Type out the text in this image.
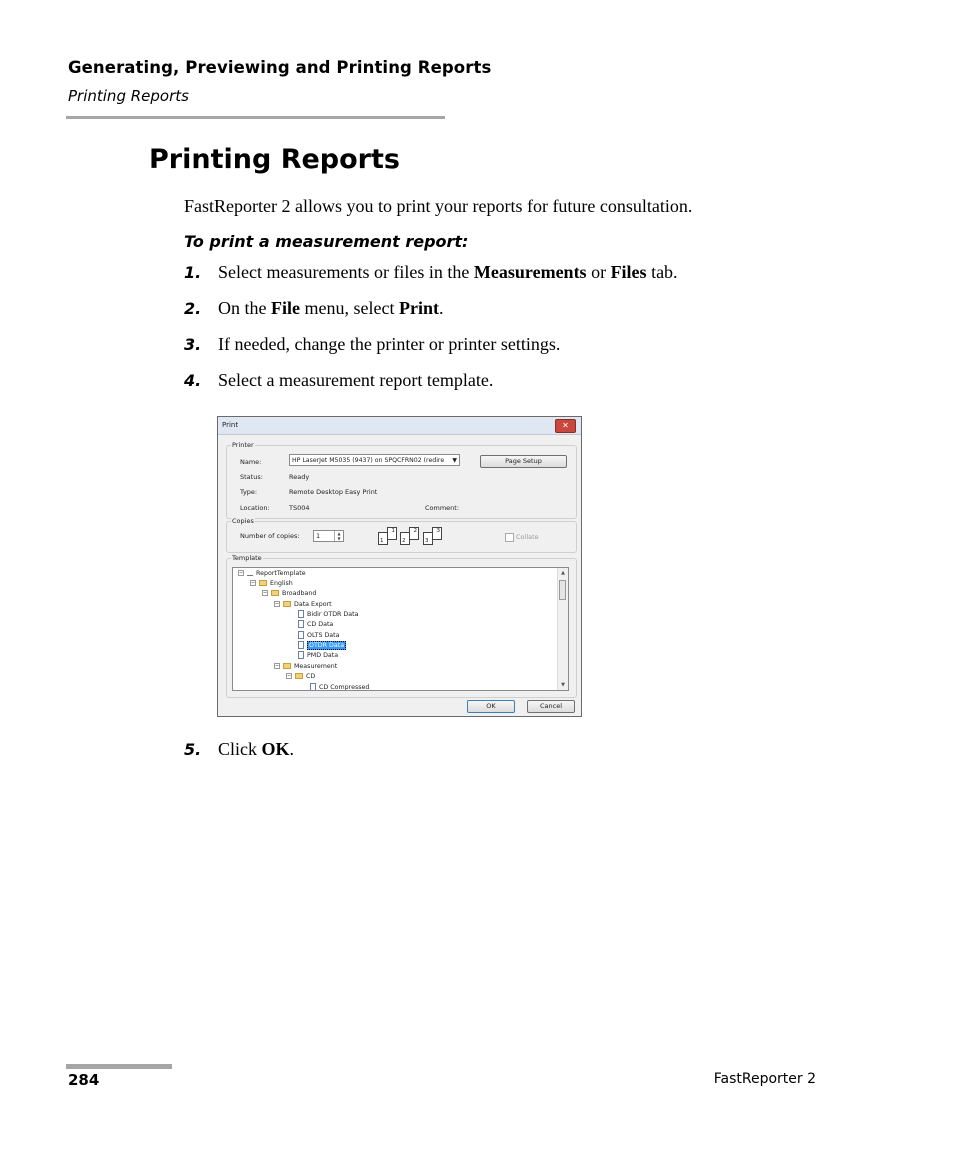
Generating, Previewing and Printing Reports
Printing Reports
Printing Reports
FastReporter 2 allows you to print your reports for future consultation.
To print a measurement report:
1. Select measurements or files in the Measurements or Files tab.
2. On the File menu, select Print.
3. If needed, change the printer or printer settings.
4. Select a measurement report template.
Print	✕
Printer
Name:	HP LaserJet M5035 (9437) on SPQCFRN02 (redire ▼	Page Setup
Status:	Ready
Type:	Remote Desktop Easy Print
Location:	TS004	Comment:
Copies
Number of copies:	1	▲
▼	1
1
2
2
3
3
Collate
Template
− ReportTemplate
− English
− Broadband
− Data Export
Bidir OTDR Data
CD Data
OLTS Data
OTDR Data
PMD Data
− Measurement
− CD
CD Compressed
▲
▼
OK	Cancel
5. Click OK.
284	FastReporter 2
